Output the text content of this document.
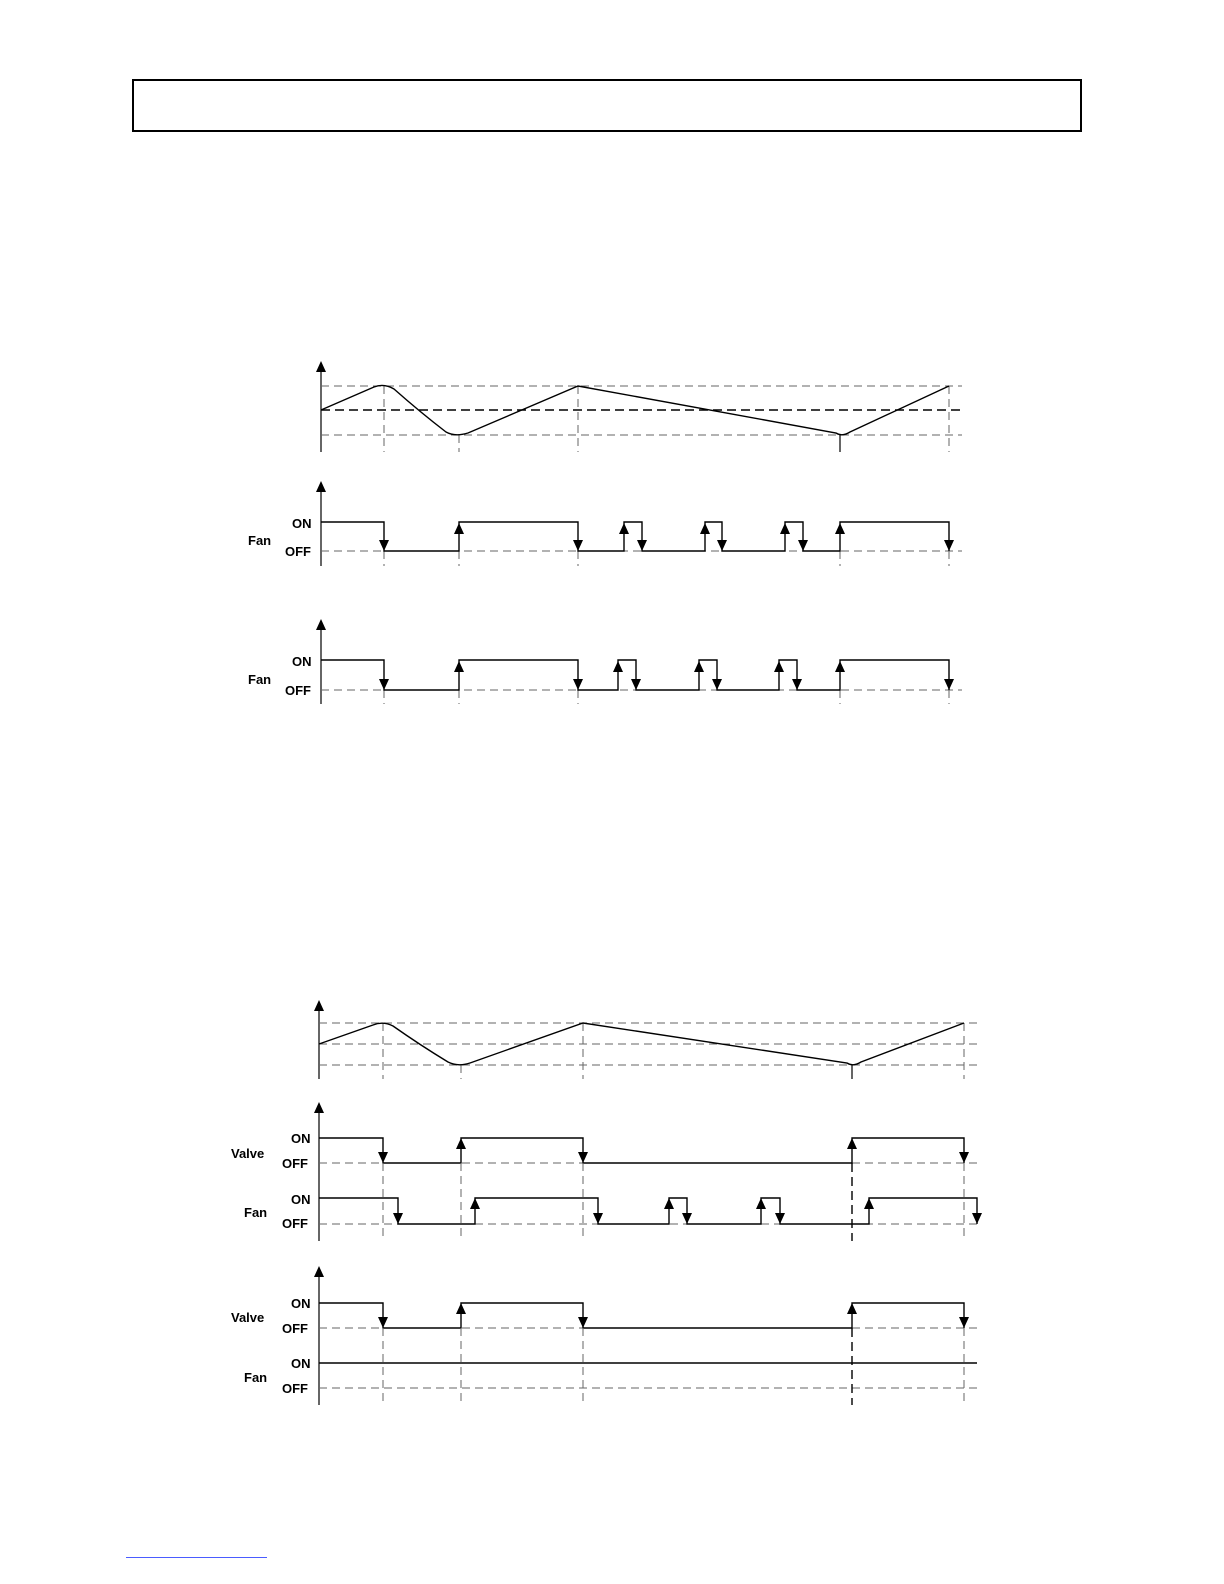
ON
OFF
Fan
ON
OFF
Fan
ON
OFF
Valve
ON
OFF
Fan
ON
OFF
Valve
ON
OFF
Fan
